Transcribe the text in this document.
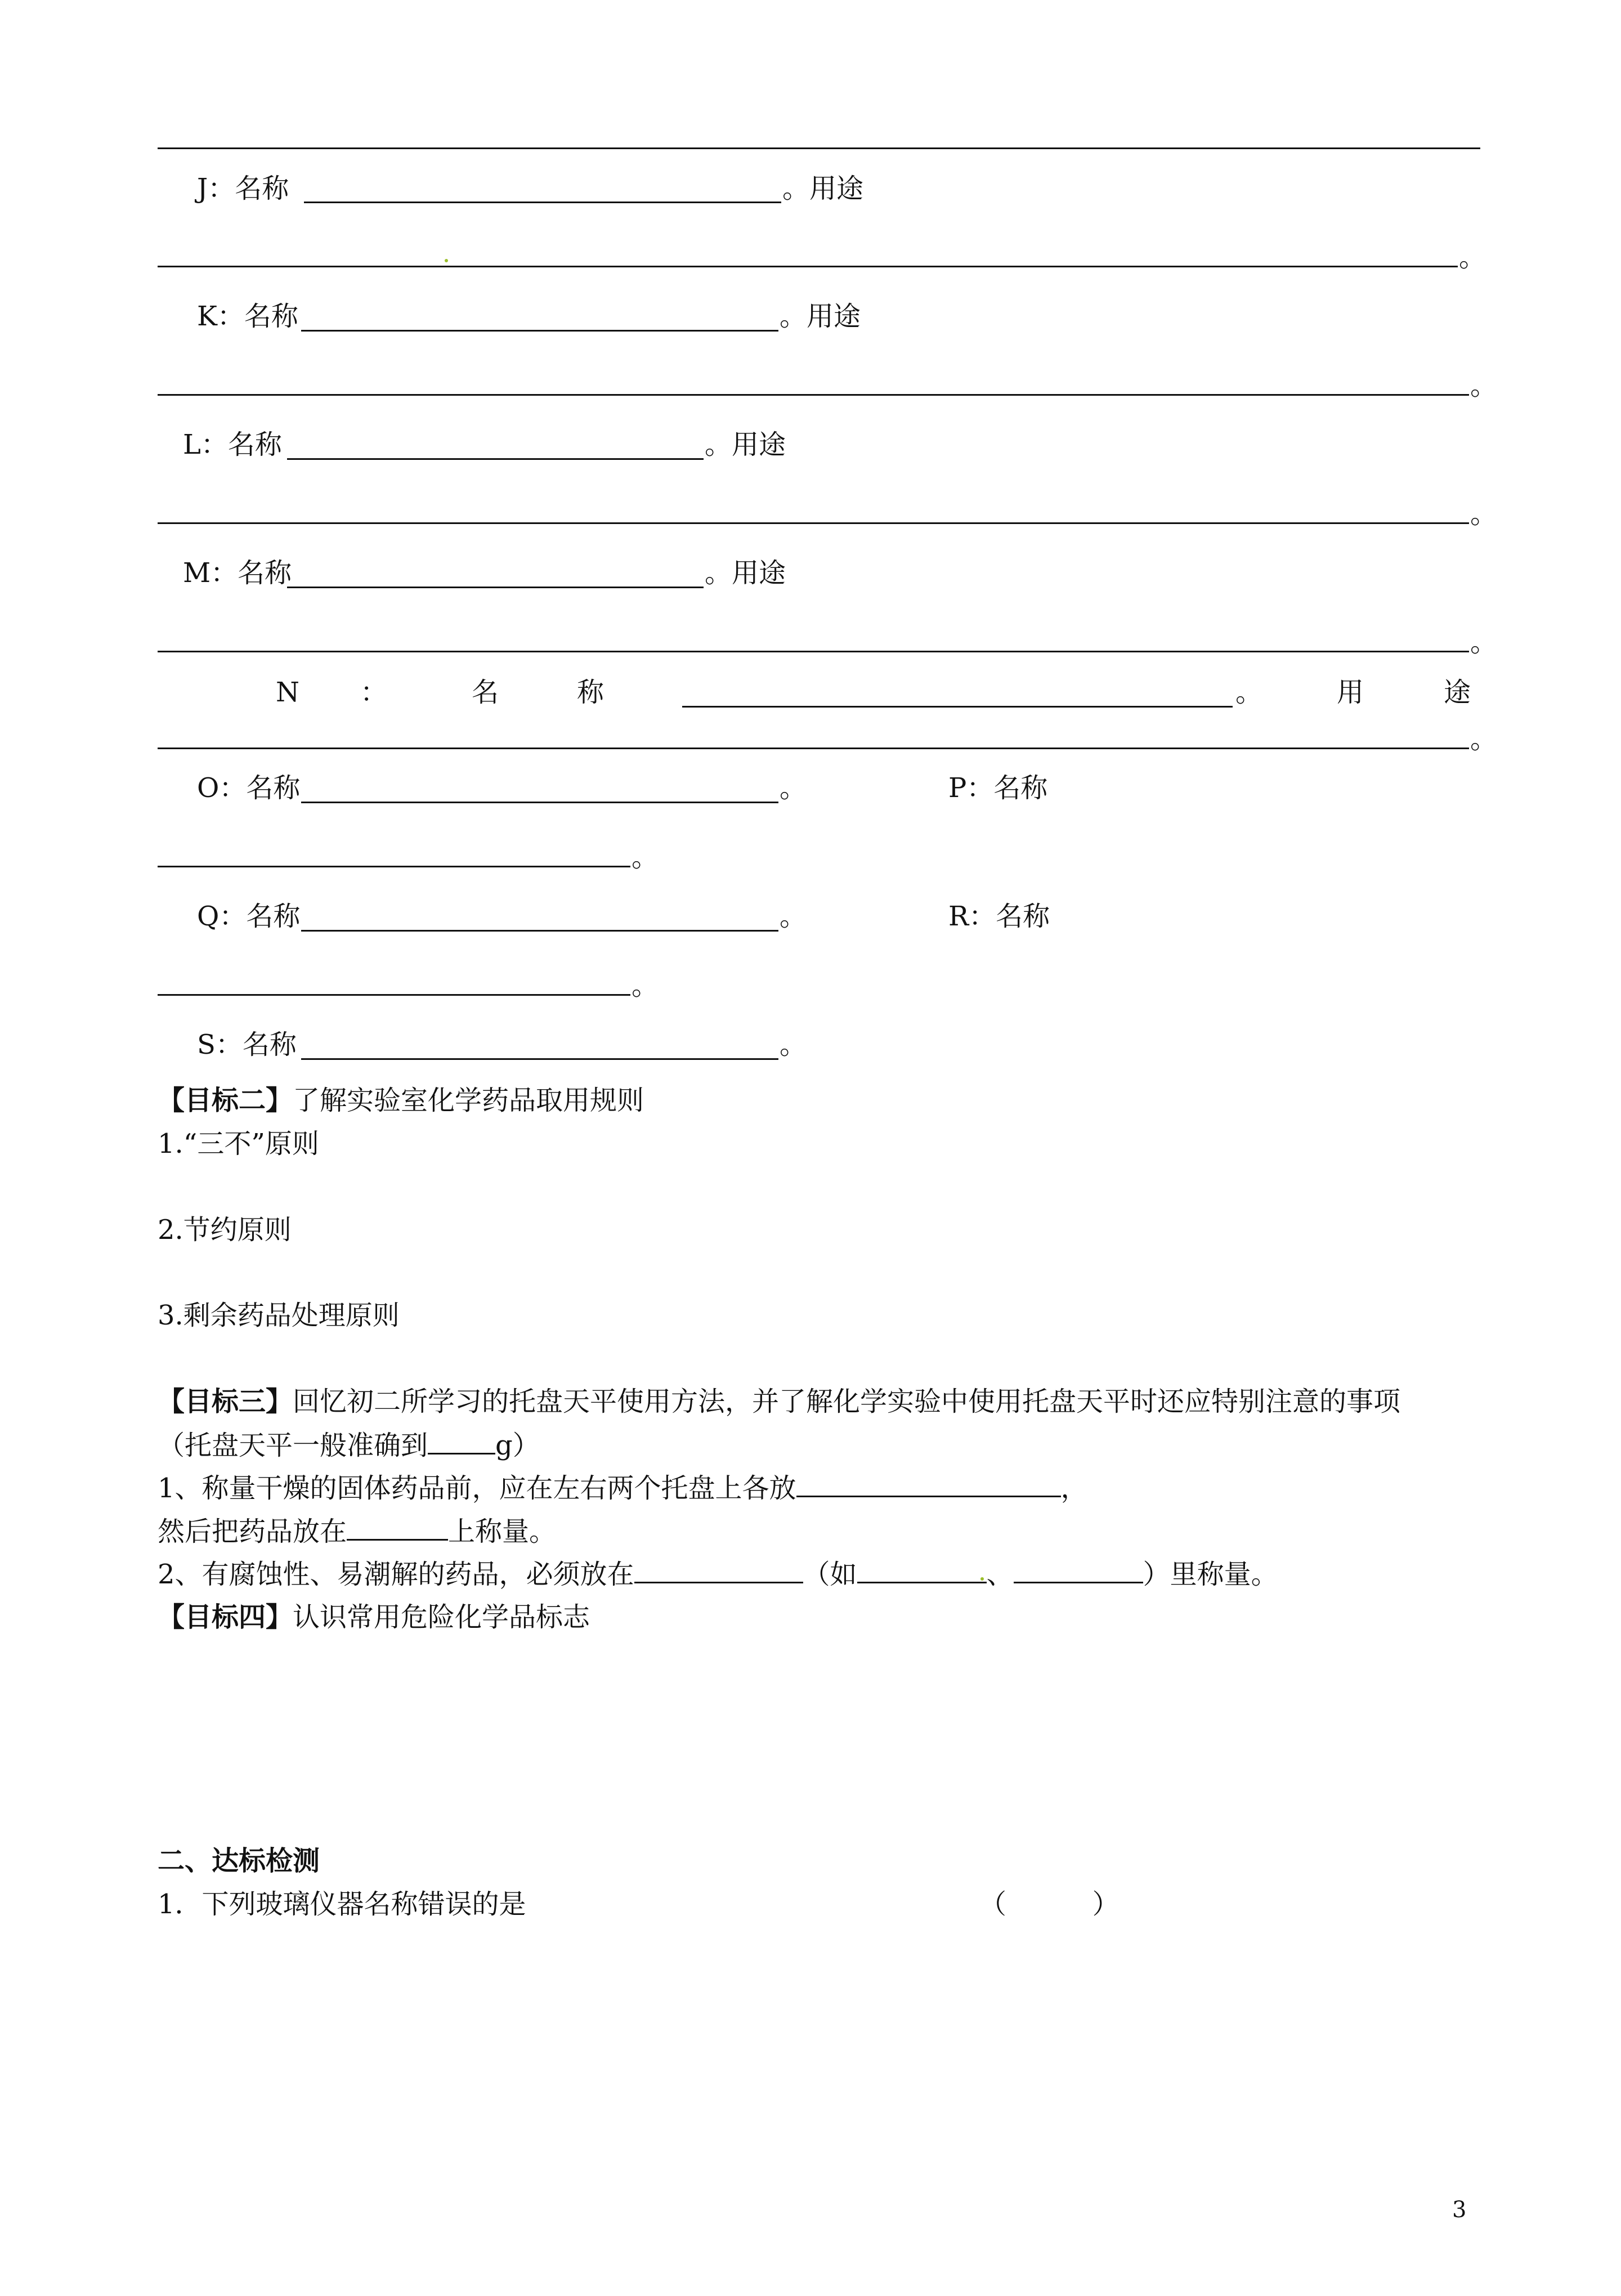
J：名称	。用途
。
K：名称	。用途
。
L：名称	。用途
。
M：名称	。用途
。
N ：	名	称	。	用	途
。
O：名称	。	P：名称
。
Q：名称	。	R：名称
。
S：名称	。
【目标二】了解实验室化学药品取用规则
1.“三不”原则
2.节约原则
3.剩余药品处理原则
【目标三】回忆初二所学习的托盘天平使用方法，并了解化学实验中使用托盘天平时还应特别注意的事项
（托盘天平一般准确到	g）
1、称量干燥的固体药品前，应在左右两个托盘上各放	，
然后把药品放在	上称量。
2、有腐蚀性、易潮解的药品，必须放在	（如	、	）里称量。
【目标四】认识常用危险化学品标志
二、达标检测
1．下列玻璃仪器名称错误的是	（          ）
3
